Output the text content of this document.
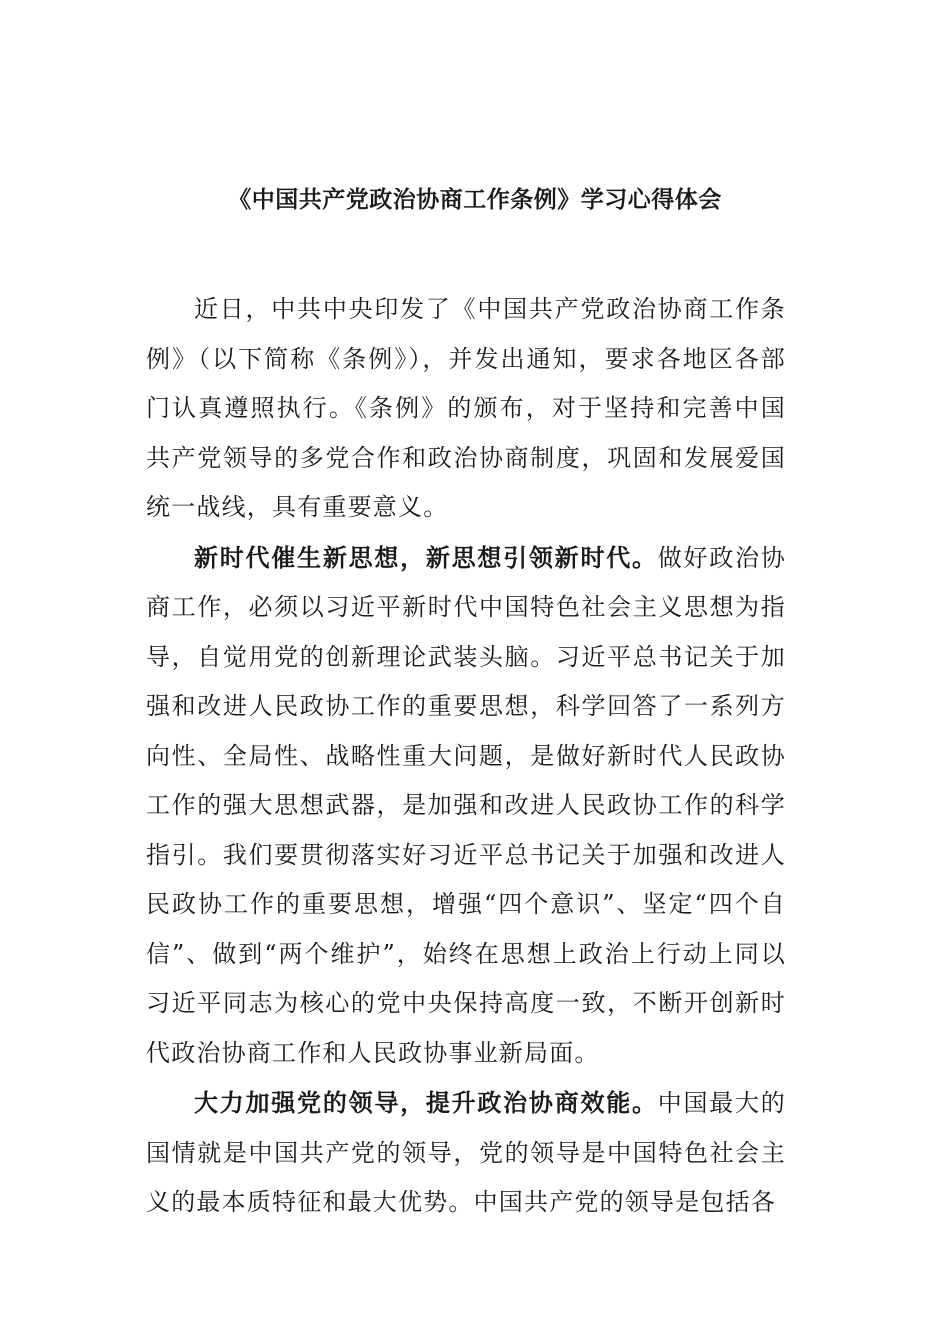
《中国共产党政治协商工作条例》学习心得体会

近日，中共中央印发了《中国共产党政治协商工作条例》（以下简称《条例》），并发出通知，要求各地区各部门认真遵照执行。《条例》的颁布，对于坚持和完善中国共产党领导的多党合作和政治协商制度，巩固和发展爱国统一战线，具有重要意义。

新时代催生新思想，新思想引领新时代。做好政治协商工作，必须以习近平新时代中国特色社会主义思想为指导，自觉用党的创新理论武装头脑。习近平总书记关于加强和改进人民政协工作的重要思想，科学回答了一系列方向性、全局性、战略性重大问题，是做好新时代人民政协工作的强大思想武器，是加强和改进人民政协工作的科学指引。我们要贯彻落实好习近平总书记关于加强和改进人民政协工作的重要思想，增强“四个意识”、坚定“四个自信”、做到“两个维护”，始终在思想上政治上行动上同以习近平同志为核心的党中央保持高度一致，不断开创新时代政治协商工作和人民政协事业新局面。

大力加强党的领导，提升政治协商效能。中国最大的国情就是中国共产党的领导，党的领导是中国特色社会主义的最本质特征和最大优势。中国共产党的领导是包括各
